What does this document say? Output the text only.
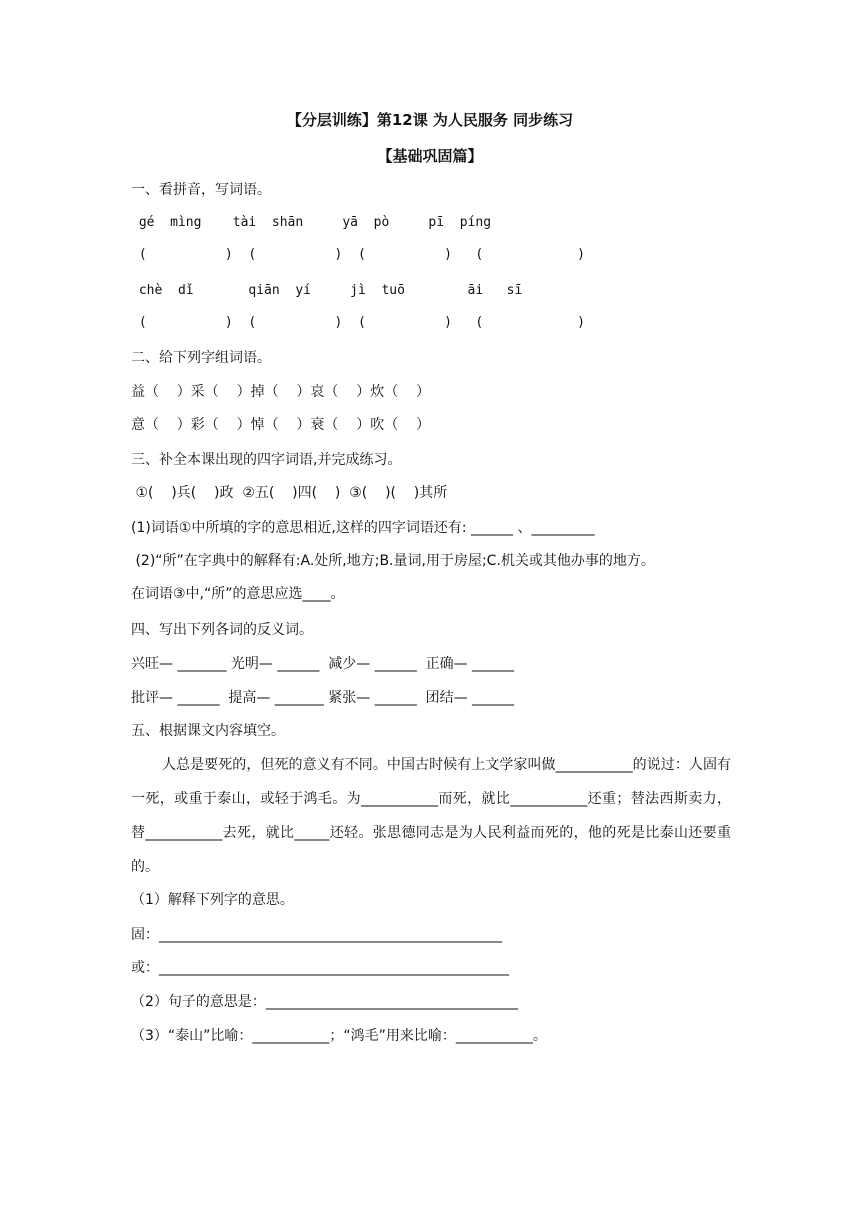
【分层训练】第12课 为人民服务 同步练习
【基础巩固篇】
一、看拼音，写词语。
gé  mìng    tài  shān     yā  pò     pī  píng
(          )  (          )  (          )   (            )
chè  dǐ       qiān  yí     jì  tuō        āi   sī
(          )  (          )  (          )   (            )
二、给下列字组词语。
益（    ）采（    ）掉（    ）哀（    ）炊（    ）
意（    ）彩（    ）悼（    ）衰（    ）吹（    ）
三、补全本课出现的四字词语,并完成练习。
①(    )兵(    )政  ②五(    )四(    )  ③(    )(    )其所
(1)词语①中所填的字的意思相近,这样的四字词语还有: ______ 、_________
(2)“所”在字典中的解释有:A.处所,地方;B.量词,用于房屋;C.机关或其他办事的地方。
在词语③中,“所”的意思应选____。
四、写出下列各词的反义词。
兴旺— _______ 光明— ______  减少— ______  正确— ______
批评— ______  提高— _______ 紧张— ______  团结— ______
五、根据课文内容填空。
人总是要死的，但死的意义有不同。中国古时候有上文学家叫做___________的说过：人固有一死，或重于泰山，或轻于鸿毛。为___________而死，就比___________还重；替法西斯卖力，替___________去死，就比_____还轻。张思德同志是为人民利益而死的，他的死是比泰山还要重的。
（1）解释下列字的意思。
固：_________________________________________________
或：__________________________________________________
（2）句子的意思是：____________________________________
（3）“泰山”比喻：___________；“鸿毛”用来比喻：___________。
